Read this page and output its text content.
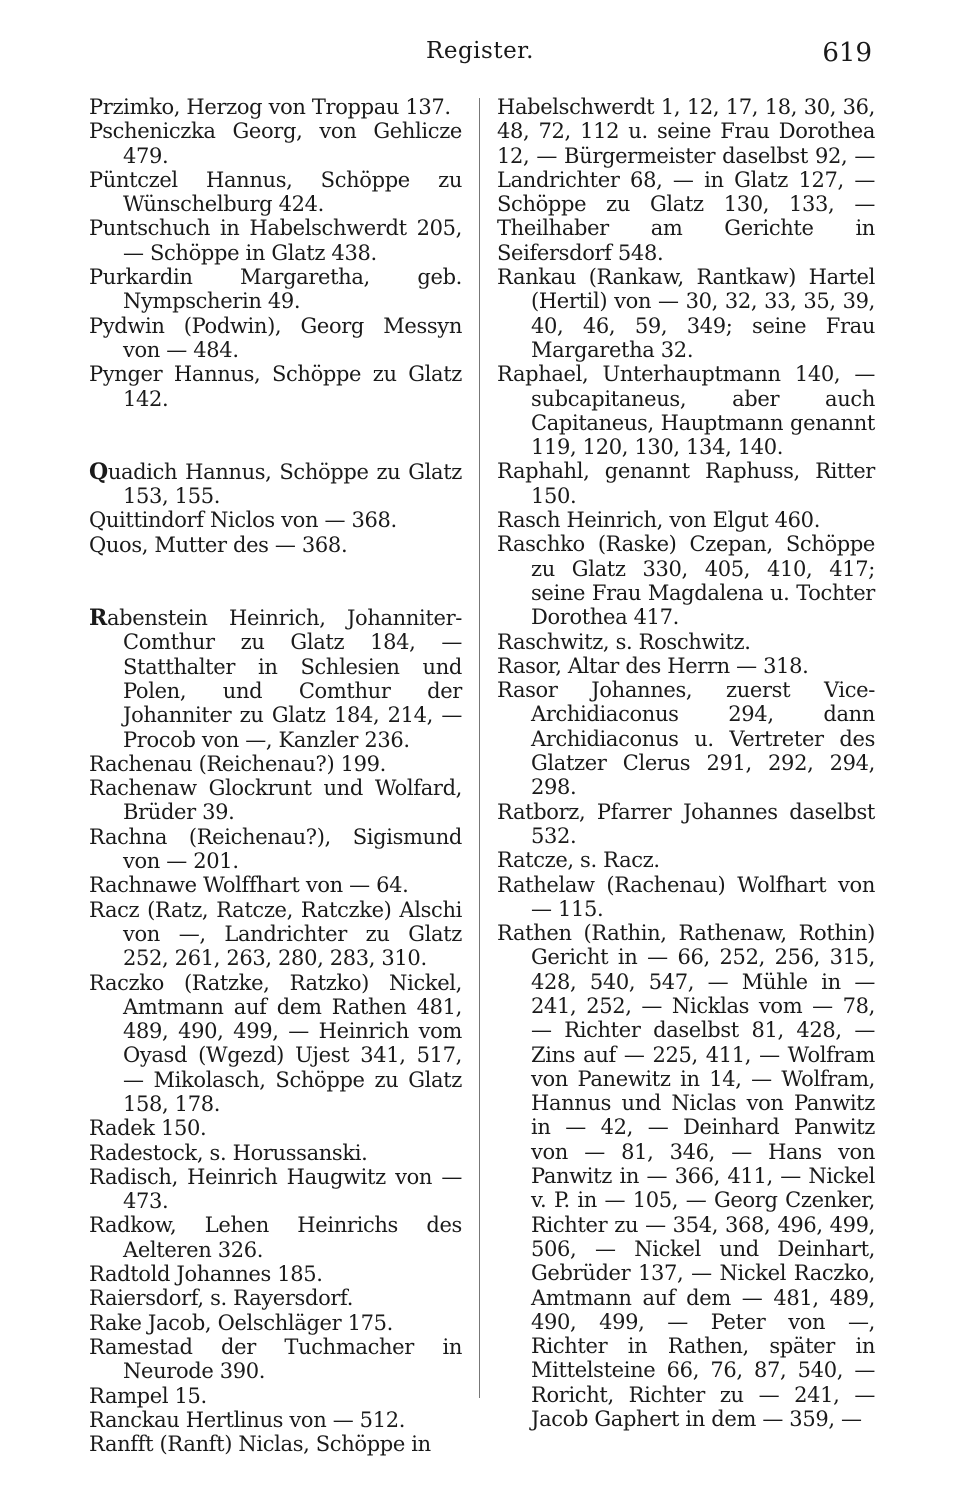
Register.	619
Przimko, Herzog von Troppau 137.
Pscheniczka Georg, von Gehlicze 479.
Püntczel Hannus, Schöppe zu Wünschelburg 424.
Puntschuch in Habelschwerdt 205, — Schöppe in Glatz 438.
Purkardin Margaretha, geb. Nympscherin 49.
Pydwin (Podwin), Georg Messyn von — 484.
Pynger Hannus, Schöppe zu Glatz 142.
Quadich Hannus, Schöppe zu Glatz 153, 155.
Quittindorf Niclos von — 368.
Quos, Mutter des — 368.
Rabenstein Heinrich, Johanniter-Comthur zu Glatz 184, — Statthalter in Schlesien und Polen, und Comthur der Johanniter zu Glatz 184, 214, — Procob von —, Kanzler 236.
Rachenau (Reichenau?) 199.
Rachenaw Glockrunt und Wolfard, Brüder 39.
Rachna (Reichenau?), Sigismund von — 201.
Rachnawe Wolffhart von — 64.
Racz (Ratz, Ratcze, Ratczke) Alschi von —, Landrichter zu Glatz 252, 261, 263, 280, 283, 310.
Raczko (Ratzke, Ratzko) Nickel, Amtmann auf dem Rathen 481, 489, 490, 499, — Heinrich vom Oyasd (Wgezd) Ujest 341, 517, — Mikolasch, Schöppe zu Glatz 158, 178.
Radek 150.
Radestock, s. Horussanski.
Radisch, Heinrich Haugwitz von — 473.
Radkow, Lehen Heinrichs des Aelteren 326.
Radtold Johannes 185.
Raiersdorf, s. Rayersdorf.
Rake Jacob, Oelschläger 175.
Ramestad der Tuchmacher in Neurode 390.
Rampel 15.
Ranckau Hertlinus von — 512.
Ranfft (Ranft) Niclas, Schöppe in
Habelschwerdt 1, 12, 17, 18, 30, 36, 48, 72, 112 u. seine Frau Dorothea 12, — Bürgermeister daselbst 92, — Landrichter 68, — in Glatz 127, — Schöppe zu Glatz 130, 133, — Theilhaber am Gerichte in Seifersdorf 548.
Rankau (Rankaw, Rantkaw) Hartel (Hertil) von — 30, 32, 33, 35, 39, 40, 46, 59, 349; seine Frau Margaretha 32.
Raphael, Unterhauptmann 140, — subcapitaneus, aber auch Capitaneus, Hauptmann genannt 119, 120, 130, 134, 140.
Raphahl, genannt Raphuss, Ritter 150.
Rasch Heinrich, von Elgut 460.
Raschko (Raske) Czepan, Schöppe zu Glatz 330, 405, 410, 417; seine Frau Magdalena u. Tochter Dorothea 417.
Raschwitz, s. Roschwitz.
Rasor, Altar des Herrn — 318.
Rasor Johannes, zuerst Vice-Archidiaconus 294, dann Archidiaconus u. Vertreter des Glatzer Clerus 291, 292, 294, 298.
Ratborz, Pfarrer Johannes daselbst 532.
Ratcze, s. Racz.
Rathelaw (Rachenau) Wolfhart von — 115.
Rathen (Rathin, Rathenaw, Rothin) Gericht in — 66, 252, 256, 315, 428, 540, 547, — Mühle in — 241, 252, — Nicklas vom — 78, — Richter daselbst 81, 428, — Zins auf — 225, 411, — Wolfram von Panewitz in 14, — Wolfram, Hannus und Niclas von Panwitz in — 42, — Deinhard Panwitz von — 81, 346, — Hans von Panwitz in — 366, 411, — Nickel v. P. in — 105, — Georg Czenker, Richter zu — 354, 368, 496, 499, 506, — Nickel und Deinhart, Gebrüder 137, — Nickel Raczko, Amtmann auf dem — 481, 489, 490, 499, — Peter von —, Richter in Rathen, später in Mittelsteine 66, 76, 87, 540, — Roricht, Richter zu — 241, — Jacob Gaphert in dem — 359, —
